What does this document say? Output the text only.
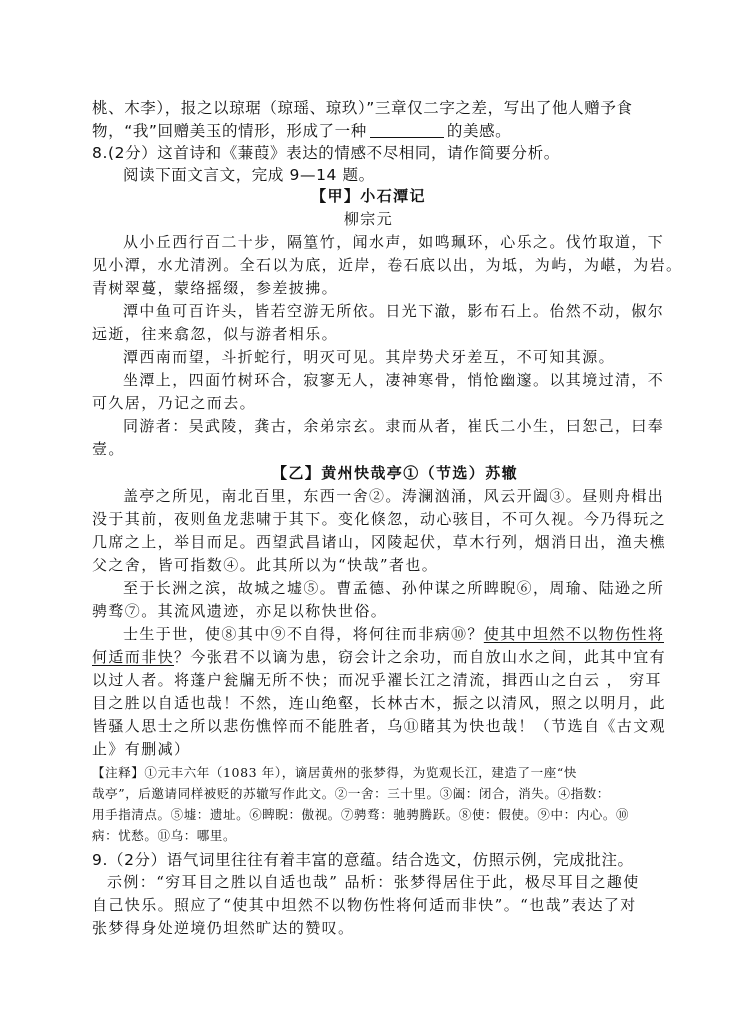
桃、木李），报之以琼琚（琼瑶、琼玖）”三章仅二字之差，写出了他人赠予食
物，“我”回赠美玉的情形，形成了一种	的美感。
8.(2分）这首诗和《蒹葭》表达的情感不尽相同，请作简要分析。
阅读下面文言文，完成 9—14 题。
【甲】小石潭记
柳宗元
从小丘西行百二十步，隔篁竹，闻水声，如鸣珮环，心乐之。伐竹取道，下
见小潭，水尤清洌。全石以为底，近岸，卷石底以出，为坻，为屿，为嵁，为岩。
青树翠蔓，蒙络摇缀，参差披拂。
潭中鱼可百许头，皆若空游无所依。日光下澈，影布石上。佁然不动，俶尔
远逝，往来翕忽，似与游者相乐。
潭西南而望，斗折蛇行，明灭可见。其岸势犬牙差互，不可知其源。
坐潭上，四面竹树环合，寂寥无人，凄神寒骨，悄怆幽邃。以其境过清，不
可久居，乃记之而去。
同游者：吴武陵，龚古，余弟宗玄。隶而从者，崔氏二小生，曰恕己，曰奉
壹。
【乙】黄州快哉亭①（节选）苏辙
盖亭之所见，南北百里，东西一舍②。涛澜汹涌，风云开阖③。昼则舟楫出
没于其前，夜则鱼龙悲啸于其下。变化倏忽，动心骇目，不可久视。今乃得玩之
几席之上，举目而足。西望武昌诸山，冈陵起伏，草木行列，烟消日出，渔夫樵
父之舍，皆可指数④。此其所以为“快哉”者也。
至于长洲之滨，故城之墟⑤。曹孟德、孙仲谋之所睥睨⑥，周瑜、陆逊之所
骋骛⑦。其流风遗迹，亦足以称快世俗。
士生于世，使⑧其中⑨不自得，将何往而非病⑩？使其中坦然不以物伤性将
何适而非快？今张君不以谪为患，窃会计之余功，而自放山水之间，此其中宜有
以过人者。将蓬户瓮牖无所不快；而况乎濯长江之清流，揖西山之白云 ， 穷耳
目之胜以自适也哉！不然，连山绝壑，长林古木，振之以清风，照之以明月，此
皆骚人思士之所以悲伤憔悴而不能胜者，乌⑪睹其为快也哉！（节选自《古文观
止》有删减）
【注释】①元丰六年（1083 年），谪居黄州的张梦得，为览观长江，建造了一座“快
哉亭”，后邀请同样被贬的苏辙写作此文。②一舍：三十里。③阖：闭合，消失。④指数：
用手指清点。⑤墟：遗址。⑥睥睨：傲视。⑦骋骛：驰骋腾跃。⑧使：假使。⑨中：内心。⑩
病：忧愁。⑪乌：哪里。
9.（2分）语气词里往往有着丰富的意蕴。结合选文，仿照示例，完成批注。
示例：“穷耳目之胜以自适也哉” 品析：张梦得居住于此，极尽耳目之趣使
自己快乐。照应了“使其中坦然不以物伤性将何适而非快”。“也哉”表达了对
张梦得身处逆境仍坦然旷达的赞叹。
